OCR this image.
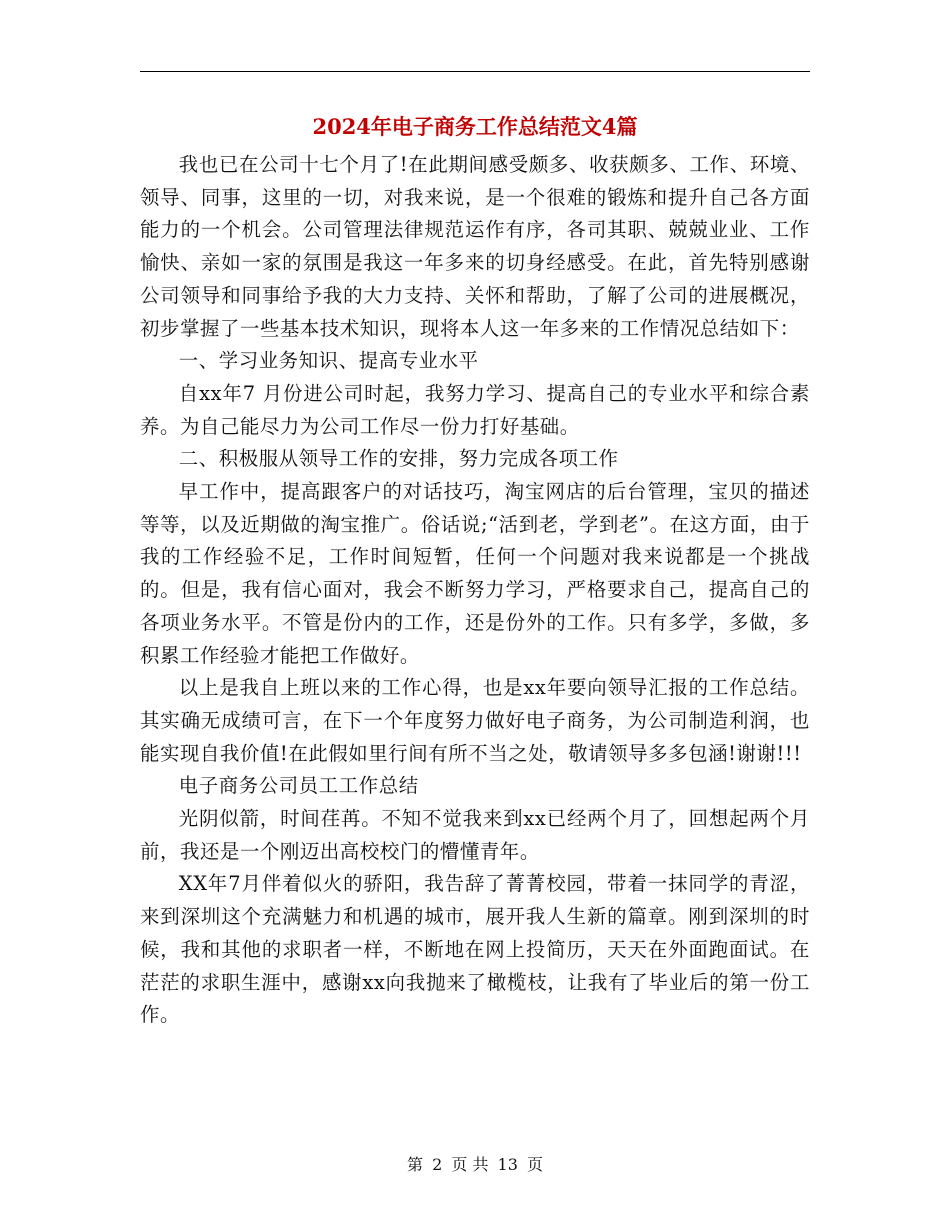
2024年电子商务工作总结范文4篇

我也已在公司十七个月了!在此期间感受颇多、收获颇多、工作、环境、领导、同事，这里的一切，对我来说，是一个很难的锻炼和提升自己各方面能力的一个机会。公司管理法律规范运作有序，各司其职、兢兢业业、工作愉快、亲如一家的氛围是我这一年多来的切身经感受。在此，首先特别感谢公司领导和同事给予我的大力支持、关怀和帮助，了解了公司的进展概况，初步掌握了一些基本技术知识，现将本人这一年多来的工作情况总结如下：

一、学习业务知识、提高专业水平

自xx年7 月份进公司时起，我努力学习、提高自己的专业水平和综合素养。为自己能尽力为公司工作尽一份力打好基础。

二、积极服从领导工作的安排，努力完成各项工作

早工作中，提高跟客户的对话技巧，淘宝网店的后台管理，宝贝的描述等等，以及近期做的淘宝推广。俗话说;“活到老，学到老”。在这方面，由于我的工作经验不足，工作时间短暂，任何一个问题对我来说都是一个挑战的。但是，我有信心面对，我会不断努力学习，严格要求自己，提高自己的各项业务水平。不管是份内的工作，还是份外的工作。只有多学，多做，多积累工作经验才能把工作做好。

以上是我自上班以来的工作心得，也是xx年要向领导汇报的工作总结。其实确无成绩可言，在下一个年度努力做好电子商务，为公司制造利润，也能实现自我价值!在此假如里行间有所不当之处，敬请领导多多包涵!谢谢!!!

电子商务公司员工工作总结

光阴似箭，时间荏苒。不知不觉我来到xx已经两个月了，回想起两个月前，我还是一个刚迈出高校校门的懵懂青年。

XX年7月伴着似火的骄阳，我告辞了菁菁校园，带着一抹同学的青涩，来到深圳这个充满魅力和机遇的城市，展开我人生新的篇章。刚到深圳的时候，我和其他的求职者一样，不断地在网上投简历，天天在外面跑面试。在茫茫的求职生涯中，感谢xx向我抛来了橄榄枝，让我有了毕业后的第一份工作。

第 2 页 共 13 页
